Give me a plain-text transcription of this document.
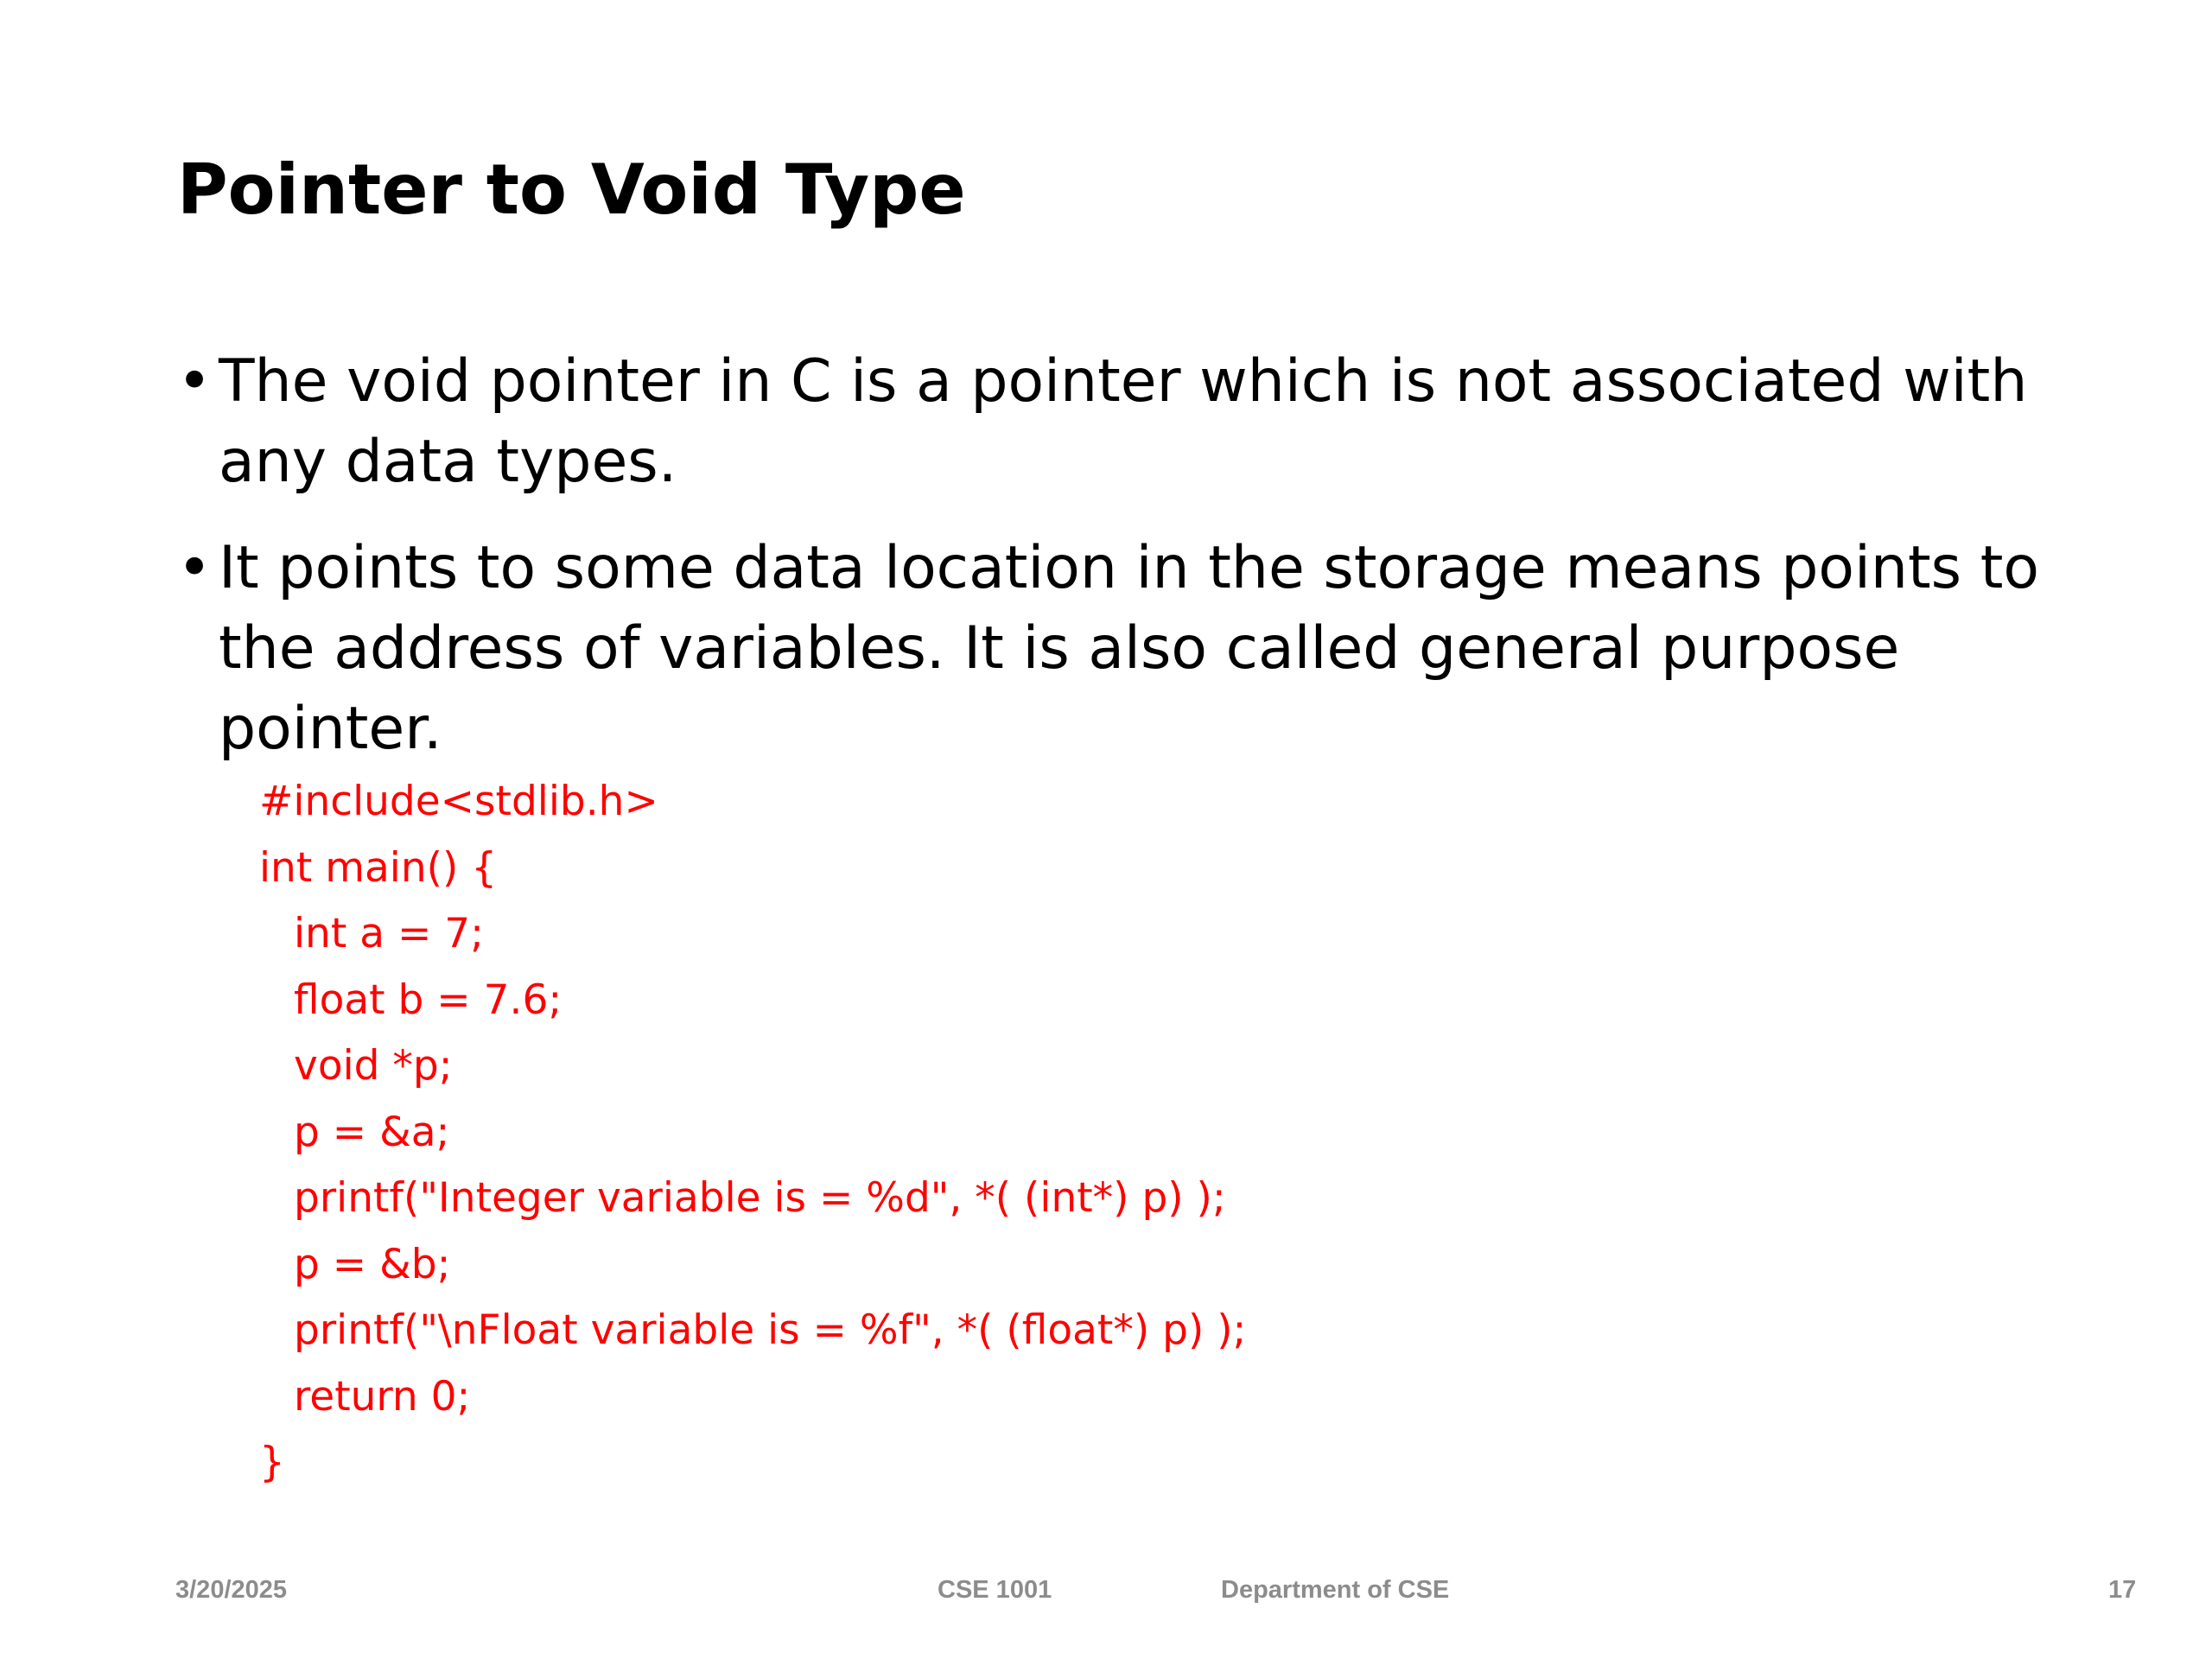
Pointer to Void Type
• The void pointer in C is a pointer which is not associated with any data types.
• It points to some data location in the storage means points to the address of variables. It is also called general purpose pointer.
#include<stdlib.h>
int main() {
int a = 7;
float b = 7.6;
void *p;
p = &a;
printf("Integer variable is = %d", *( (int*) p) );
p = &b;
printf("\nFloat variable is = %f", *( (float*) p) );
return 0;
}
3/20/2025	CSE 1001	Department of CSE	17
